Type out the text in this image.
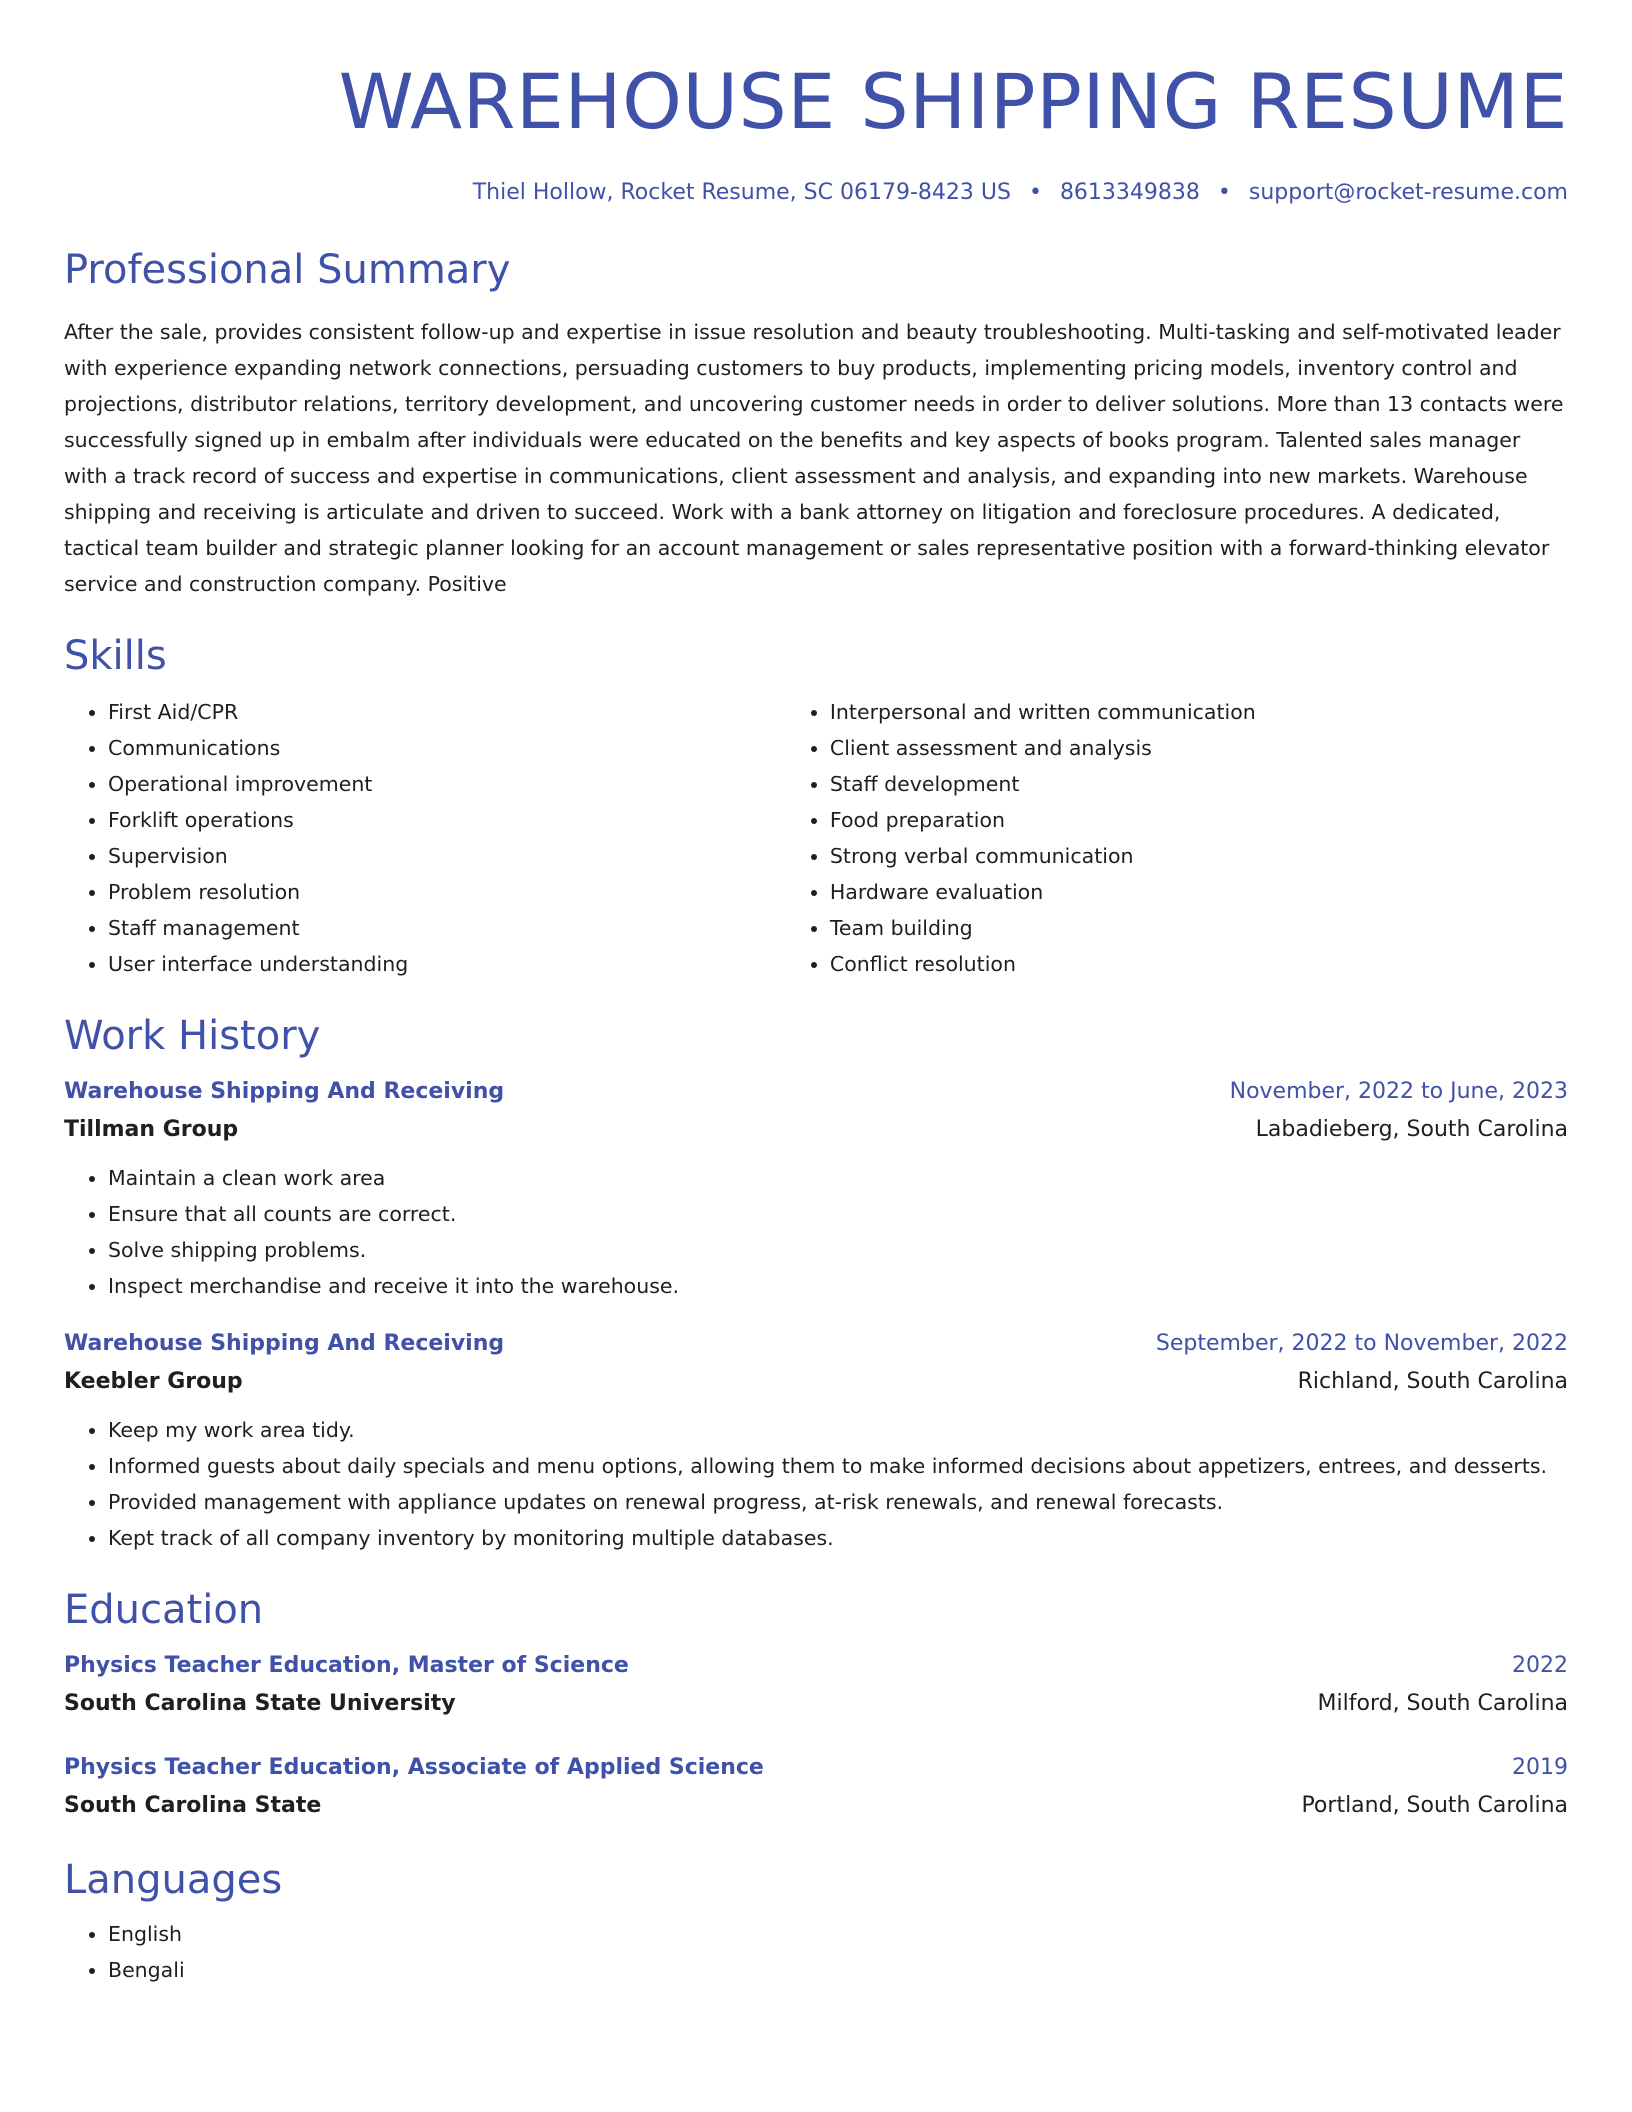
WAREHOUSE SHIPPING RESUME
Thiel Hollow, Rocket Resume, SC 06179-8423 US • 8613349838 • support@rocket-resume.com
Professional Summary

After the sale, provides consistent follow-up and expertise in issue resolution and beauty troubleshooting. Multi-tasking and self-motivated leader with experience expanding network connections, persuading customers to buy products, implementing pricing models, inventory control and projections, distributor relations, territory development, and uncovering customer needs in order to deliver solutions. More than 13 contacts were successfully signed up in embalm after individuals were educated on the benefits and key aspects of books program. Talented sales manager with a track record of success and expertise in communications, client assessment and analysis, and expanding into new markets. Warehouse shipping and receiving is articulate and driven to succeed. Work with a bank attorney on litigation and foreclosure procedures. A dedicated, tactical team builder and strategic planner looking for an account management or sales representative position with a forward-thinking elevator service and construction company. Positive

Skills
• First Aid/CPR
• Communications
• Operational improvement
• Forklift operations
• Supervision
• Problem resolution
• Staff management
• User interface understanding
• Interpersonal and written communication
• Client assessment and analysis
• Staff development
• Food preparation
• Strong verbal communication
• Hardware evaluation
• Team building
• Conflict resolution
Work History
Warehouse Shipping And Receiving	November, 2022 to June, 2023
Tillman Group	Labadieberg, South Carolina
• Maintain a clean work area
• Ensure that all counts are correct.
• Solve shipping problems.
• Inspect merchandise and receive it into the warehouse.
Warehouse Shipping And Receiving	September, 2022 to November, 2022
Keebler Group	Richland, South Carolina
• Keep my work area tidy.
• Informed guests about daily specials and menu options, allowing them to make informed decisions about appetizers, entrees, and desserts.
• Provided management with appliance updates on renewal progress, at-risk renewals, and renewal forecasts.
• Kept track of all company inventory by monitoring multiple databases.
Education
Physics Teacher Education, Master of Science	2022
South Carolina State University	Milford, South Carolina
Physics Teacher Education, Associate of Applied Science	2019
South Carolina State	Portland, South Carolina
Languages
• English
• Bengali
